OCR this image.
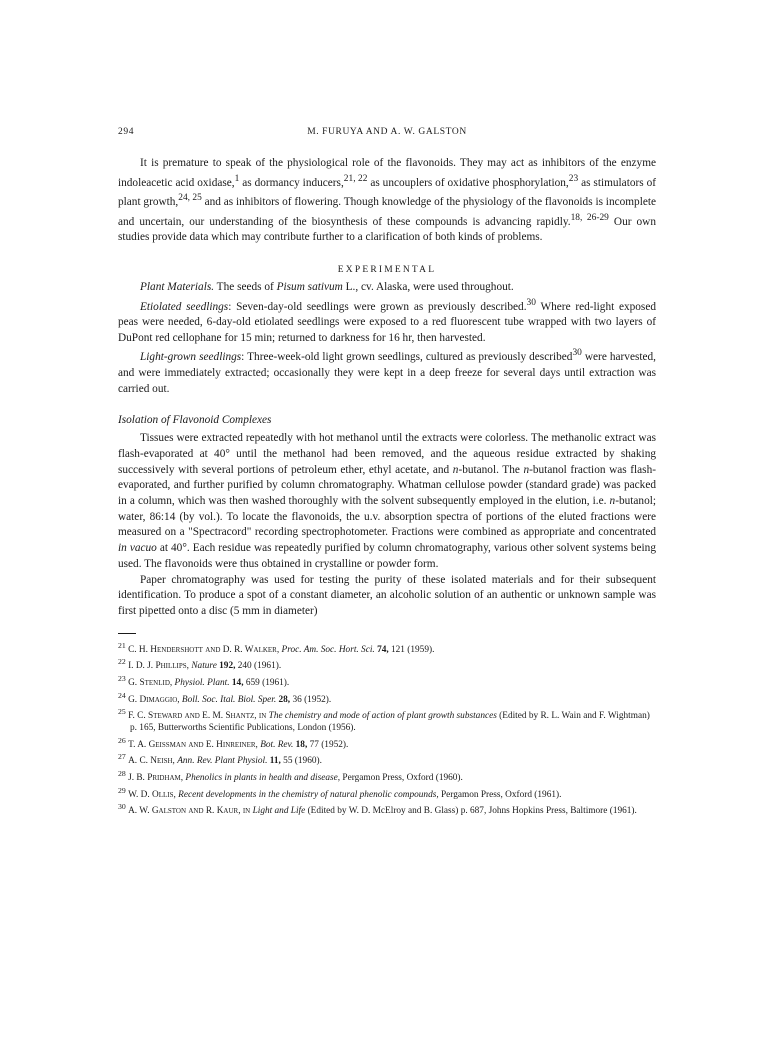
294	M. FURUYA AND A. W. GALSTON

It is premature to speak of the physiological role of the flavonoids. They may act as inhibitors of the enzyme indoleacetic acid oxidase,$^1$ as dormancy inducers,$^{21, 22}$ as uncouplers of oxidative phosphorylation,$^{23}$ as stimulators of plant growth,$^{24, 25}$ and as inhibitors of flowering. Though knowledge of the physiology of the flavonoids is incomplete and uncertain, our understanding of the biosynthesis of these compounds is advancing rapidly.$^{18, 26-29}$ Our own studies provide data which may contribute further to a clarification of both kinds of problems.

EXPERIMENTAL

Plant Materials. The seeds of Pisum sativum L., cv. Alaska, were used throughout.

Etiolated seedlings: Seven-day-old seedlings were grown as previously described.$^{30}$ Where red-light exposed peas were needed, 6-day-old etiolated seedlings were exposed to a red fluorescent tube wrapped with two layers of DuPont red cellophane for 15 min; returned to darkness for 16 hr, then harvested.

Light-grown seedlings: Three-week-old light grown seedlings, cultured as previously described$^{30}$ were harvested, and were immediately extracted; occasionally they were kept in a deep freeze for several days until extraction was carried out.

Isolation of Flavonoid Complexes

Tissues were extracted repeatedly with hot methanol until the extracts were colorless. The methanolic extract was flash-evaporated at 40° until the methanol had been removed, and the aqueous residue extracted by shaking successively with several portions of petroleum ether, ethyl acetate, and n-butanol. The n-butanol fraction was flash-evaporated, and further purified by column chromatography. Whatman cellulose powder (standard grade) was packed in a column, which was then washed thoroughly with the solvent subsequently employed in the elution, i.e. n-butanol; water, 86:14 (by vol.). To locate the flavonoids, the u.v. absorption spectra of portions of the eluted fractions were measured on a "Spectracord" recording spectrophotometer. Fractions were combined as appropriate and concentrated in vacuo at 40°. Each residue was repeatedly purified by column chromatography, various other solvent systems being used. The flavonoids were thus obtained in crystalline or powder form.

Paper chromatography was used for testing the purity of these isolated materials and for their subsequent identification. To produce a spot of a constant diameter, an alcoholic solution of an authentic or unknown sample was first pipetted onto a disc (5 mm in diameter)

$^{21}$ C. H. Hendershott and D. R. Walker, Proc. Am. Soc. Hort. Sci. 74, 121 (1959).
$^{22}$ I. D. J. Phillips, Nature 192, 240 (1961).
$^{23}$ G. Stenlid, Physiol. Plant. 14, 659 (1961).
$^{24}$ G. Dimaggio, Boll. Soc. Ital. Biol. Sper. 28, 36 (1952).
$^{25}$ F. C. Steward and E. M. Shantz, in The chemistry and mode of action of plant growth substances (Edited by R. L. Wain and F. Wightman) p. 165, Butterworths Scientific Publications, London (1956).
$^{26}$ T. A. Geissman and E. Hinreiner, Bot. Rev. 18, 77 (1952).
$^{27}$ A. C. Neish, Ann. Rev. Plant Physiol. 11, 55 (1960).
$^{28}$ J. B. Pridham, Phenolics in plants in health and disease, Pergamon Press, Oxford (1960).
$^{29}$ W. D. Ollis, Recent developments in the chemistry of natural phenolic compounds, Pergamon Press, Oxford (1961).
$^{30}$ A. W. Galston and R. Kaur, in Light and Life (Edited by W. D. McElroy and B. Glass) p. 687, Johns Hopkins Press, Baltimore (1961).
